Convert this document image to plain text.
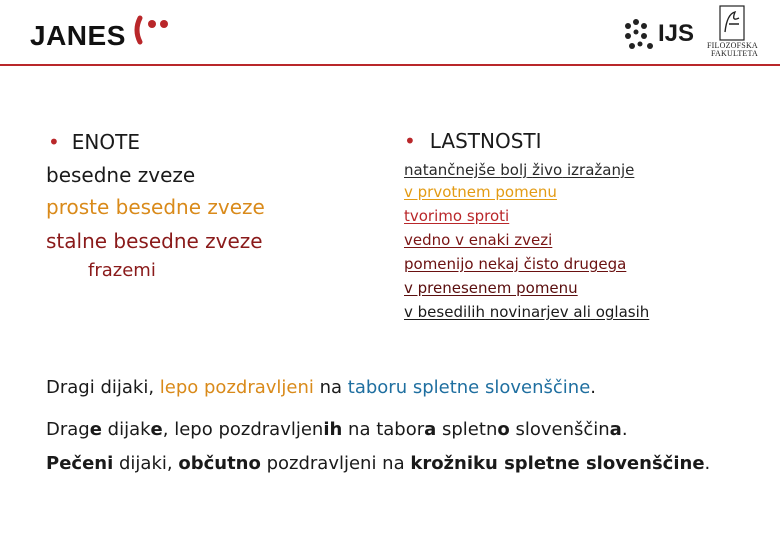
JANES	IJS FILOZOFSKA
FAKULTETA
• ENOTE
besedne zveze
proste besedne zveze
stalne besedne zveze
frazemi
• LASTNOSTI
natančnejše bolj živo izražanje
v prvotnem pomenu
tvorimo sproti
vedno v enaki zvezi
pomenijo nekaj čisto drugega
v prenesenem pomenu
v besedilih novinarjev ali oglasih
Dragi dijaki, lepo pozdravljeni na taboru spletne slovenščine.
Drage dijake, lepo pozdravljenih na tabora spletno slovenščina.
Pečeni dijaki, občutno pozdravljeni na krožniku spletne slovenščine.
